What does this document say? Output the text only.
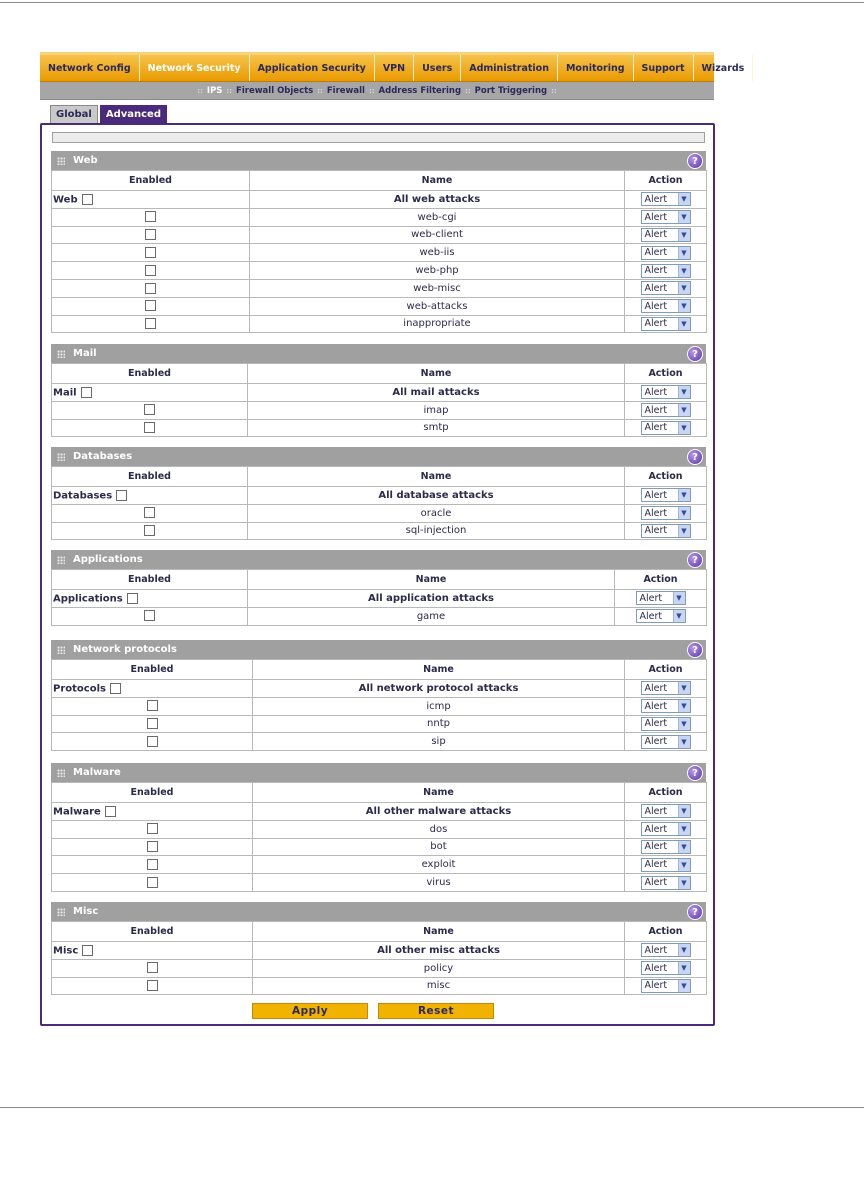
Network Config	Network Security	Application Security	VPN	Users	Administration	Monitoring	Support	Wizards
:: IPS :: Firewall Objects :: Firewall :: Address Filtering :: Port Triggering ::
Global	Advanced
Web	?
Enabled	Name	Action
Web	All web attacks	Alert ▼

	web-cgi	Alert ▼

	web-client	Alert ▼

	web-iis	Alert ▼

	web-php	Alert ▼

	web-misc	Alert ▼

	web-attacks	Alert ▼

	inappropriate	Alert ▼
Mail	?
Enabled	Name	Action
Mail	All mail attacks	Alert ▼

	imap	Alert ▼

	smtp	Alert ▼
Databases	?
Enabled	Name	Action
Databases	All database attacks	Alert ▼

	oracle	Alert ▼

	sql-injection	Alert ▼
Applications	?
Enabled	Name	Action
Applications	All application attacks	Alert ▼

	game	Alert ▼
Network protocols	?
Enabled	Name	Action
Protocols	All network protocol attacks	Alert ▼

	icmp	Alert ▼

	nntp	Alert ▼

	sip	Alert ▼
Malware	?
Enabled	Name	Action
Malware	All other malware attacks	Alert ▼

	dos	Alert ▼

	bot	Alert ▼

	exploit	Alert ▼

	virus	Alert ▼
Misc	?
Enabled	Name	Action
Misc	All other misc attacks	Alert ▼

	policy	Alert ▼

	misc	Alert ▼
Apply	Reset
